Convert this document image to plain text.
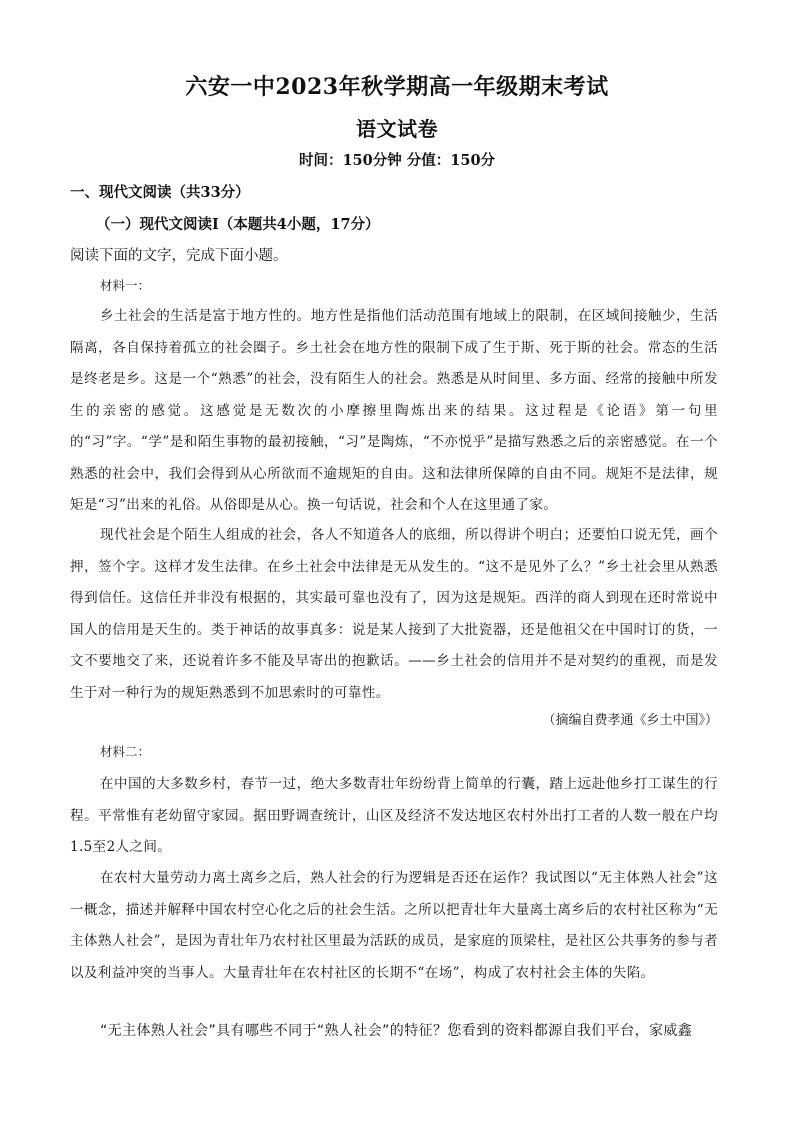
六安一中2023年秋学期高一年级期末考试
语文试卷
时间：150分钟 分值：150分
一、现代文阅读（共33分）
（一）现代文阅读Ⅰ（本题共4小题，17分）
阅读下面的文字，完成下面小题。
材料一：
乡土社会的生活是富于地方性的。地方性是指他们活动范围有地域上的限制，在区域间接触少，生活隔离，各自保持着孤立的社会圈子。乡土社会在地方性的限制下成了生于斯、死于斯的社会。常态的生活是终老是乡。这是一个“熟悉”的社会，没有陌生人的社会。熟悉是从时间里、多方面、经常的接触中所发生的亲密的感觉。这感觉是无数次的小摩擦里陶炼出来的结果。这过程是《论语》第一句里的“习”字。“学”是和陌生事物的最初接触，“习”是陶炼，“不亦悦乎”是描写熟悉之后的亲密感觉。在一个熟悉的社会中，我们会得到从心所欲而不逾规矩的自由。这和法律所保障的自由不同。规矩不是法律，规矩是“习”出来的礼俗。从俗即是从心。换一句话说，社会和个人在这里通了家。
现代社会是个陌生人组成的社会，各人不知道各人的底细，所以得讲个明白；还要怕口说无凭，画个押，签个字。这样才发生法律。在乡土社会中法律是无从发生的。“这不是见外了么？”乡土社会里从熟悉得到信任。这信任并非没有根据的，其实最可靠也没有了，因为这是规矩。西洋的商人到现在还时常说中国人的信用是天生的。类于神话的故事真多：说是某人接到了大批瓷器，还是他祖父在中国时订的货，一文不要地交了来，还说着许多不能及早寄出的抱歉话。——乡土社会的信用并不是对契约的重视，而是发生于对一种行为的规矩熟悉到不加思索时的可靠性。
（摘编自费孝通《乡土中国》）
材料二：
在中国的大多数乡村，春节一过，绝大多数青壮年纷纷背上简单的行囊，踏上远赴他乡打工谋生的行程。平常惟有老幼留守家园。据田野调查统计，山区及经济不发达地区农村外出打工者的人数一般在户均1.5至2人之间。
在农村大量劳动力离土离乡之后，熟人社会的行为逻辑是否还在运作？我试图以“无主体熟人社会”这一概念，描述并解释中国农村空心化之后的社会生活。之所以把青壮年大量离土离乡后的农村社区称为“无主体熟人社会”，是因为青壮年乃农村社区里最为活跃的成员，是家庭的顶梁柱，是社区公共事务的参与者以及利益冲突的当事人。大量青壮年在农村社区的长期不“在场”，构成了农村社会主体的失陷。
“无主体熟人社会”具有哪些不同于“熟人社会”的特征？您看到的资料都源自我们平台，家威鑫
